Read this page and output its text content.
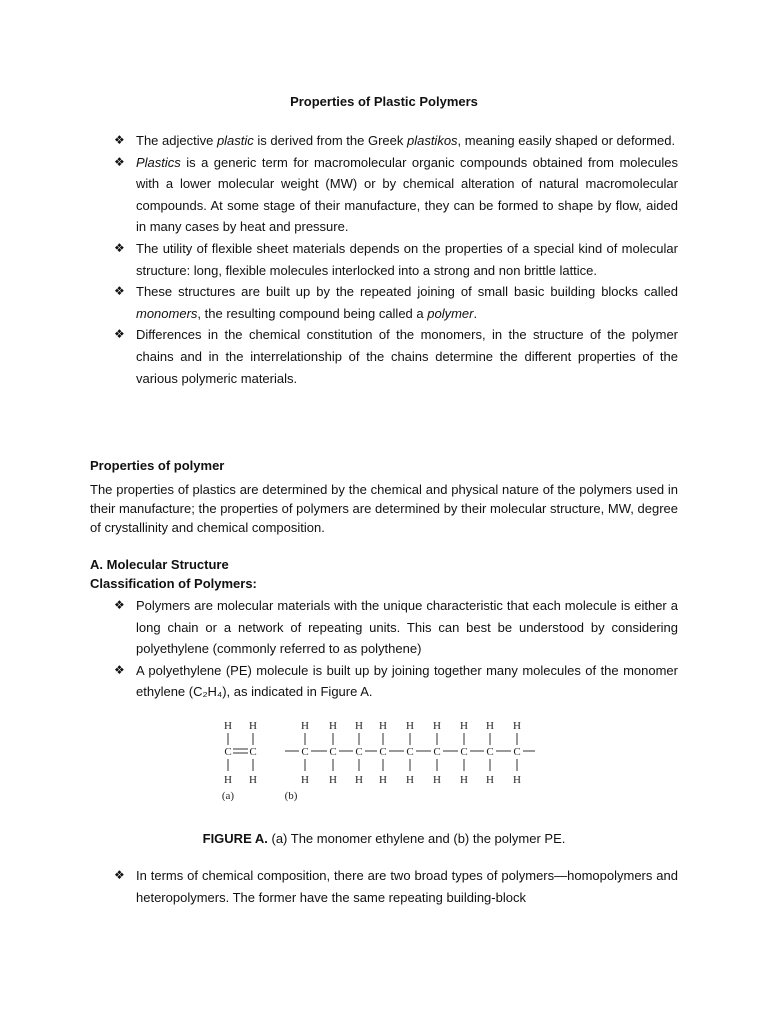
Properties of Plastic Polymers
❖ The adjective plastic is derived from the Greek plastikos, meaning easily shaped or deformed.
❖ Plastics is a generic term for macromolecular organic compounds obtained from molecules with a lower molecular weight (MW) or by chemical alteration of natural macromolecular compounds. At some stage of their manufacture, they can be formed to shape by flow, aided in many cases by heat and pressure.
❖ The utility of flexible sheet materials depends on the properties of a special kind of molecular structure: long, flexible molecules interlocked into a strong and non brittle lattice.
❖ These structures are built up by the repeated joining of small basic building blocks called monomers, the resulting compound being called a polymer.
❖ Differences in the chemical constitution of the monomers, in the structure of the polymer chains and in the interrelationship of the chains determine the different properties of the various polymeric materials.
Properties of polymer
The properties of plastics are determined by the chemical and physical nature of the polymers used in their manufacture; the properties of polymers are determined by their molecular structure, MW, degree of crystallinity and chemical composition.
A. Molecular Structure
Classification of Polymers:
❖ Polymers are molecular materials with the unique characteristic that each molecule is either a long chain or a network of repeating units. This can best be understood by considering polyethylene (commonly referred to as polythene)
❖ A polyethylene (PE) molecule is built up by joining together many molecules of the monomer ethylene (C₂H₄), as indicated in Figure A.
H
C
H
H
C
H
(a)
H
C
H
H
C
H
H
C
H
H
C
H
H
C
H
H
C
H
H
C
H
H
C
H
H
C
H
(b)
FIGURE A. (a) The monomer ethylene and (b) the polymer PE.
❖ In terms of chemical composition, there are two broad types of polymers—homopolymers and heteropolymers. The former have the same repeating building-block
